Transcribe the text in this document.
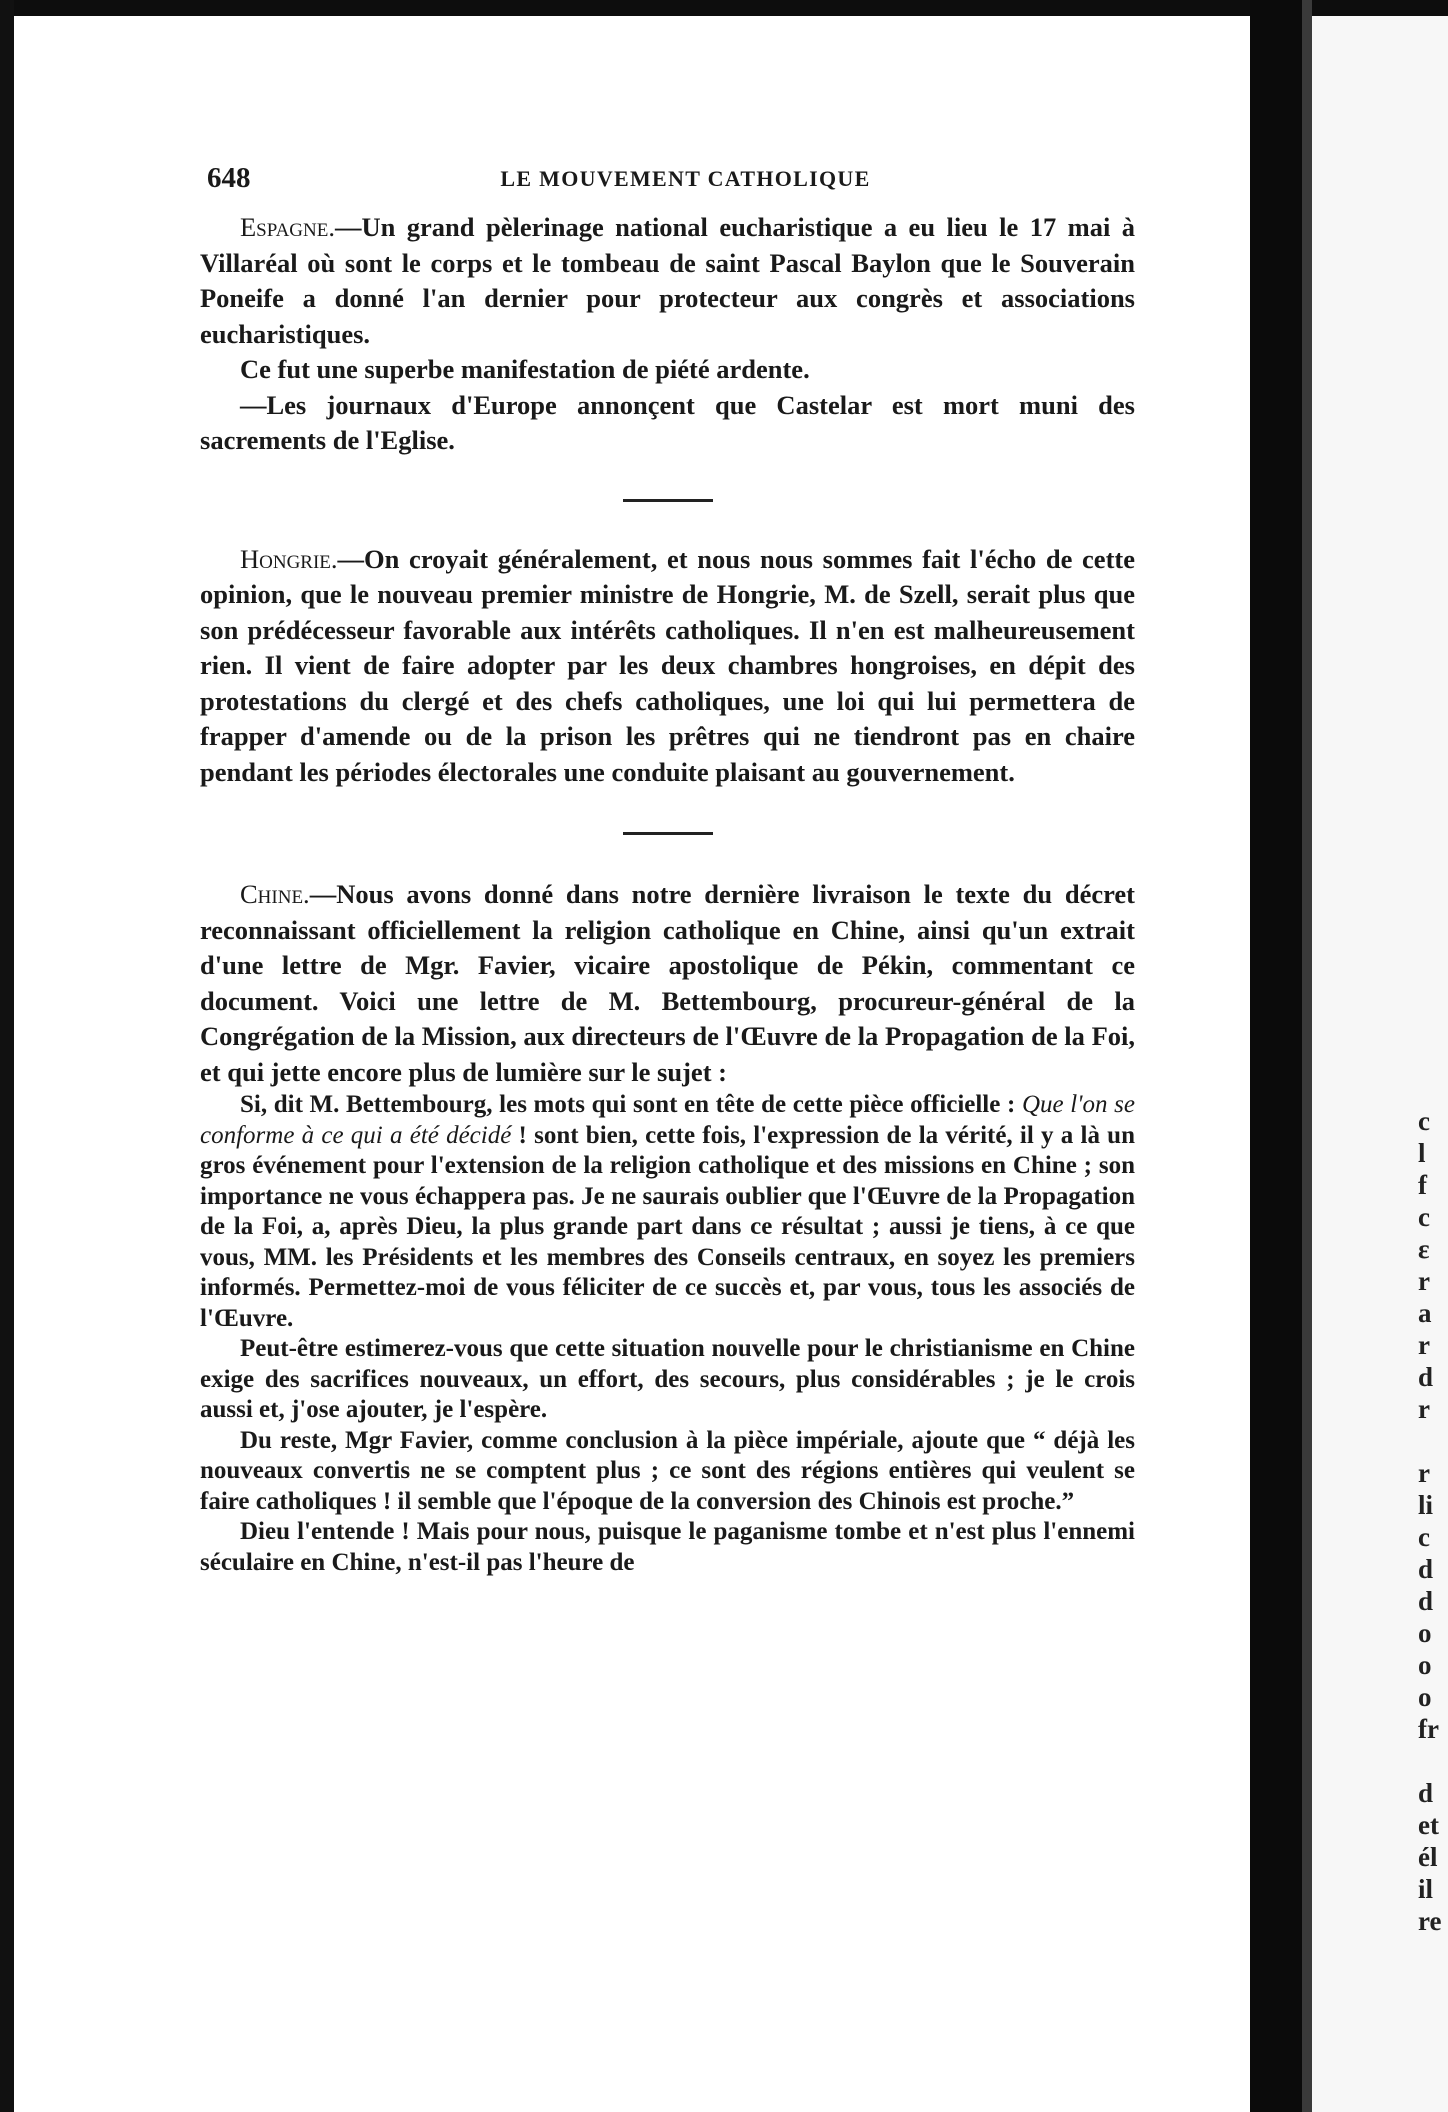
c
l
f
c
ε
r
a
r
d
r
r
li
c
d
d
o
o
o
fr
d
et
él
il
re
648	LE MOUVEMENT CATHOLIQUE

Espagne.—Un grand pèlerinage national eucharistique a eu lieu le 17 mai à Villaréal où sont le corps et le tombeau de saint Pascal Baylon que le Souverain Poneife a donné l'an dernier pour protecteur aux congrès et associations eucharistiques.

Ce fut une superbe manifestation de piété ardente.

—Les journaux d'Europe annonçent que Castelar est mort muni des sacrements de l'Eglise.

Hongrie.—On croyait généralement, et nous nous sommes fait l'écho de cette opinion, que le nouveau premier ministre de Hongrie, M. de Szell, serait plus que son prédécesseur favorable aux intérêts catholiques. Il n'en est malheureusement rien. Il vient de faire adopter par les deux chambres hongroises, en dépit des protestations du clergé et des chefs catholiques, une loi qui lui permettera de frapper d'amende ou de la prison les prêtres qui ne tiendront pas en chaire pendant les périodes électorales une conduite plaisant au gouvernement.

Chine.—Nous avons donné dans notre dernière livraison le texte du décret reconnaissant officiellement la religion catholique en Chine, ainsi qu'un extrait d'une lettre de Mgr. Favier, vicaire apostolique de Pékin, commentant ce document. Voici une lettre de M. Bettembourg, procureur-général de la Congrégation de la Mission, aux directeurs de l'Œuvre de la Propagation de la Foi, et qui jette encore plus de lumière sur le sujet :

Si, dit M. Bettembourg, les mots qui sont en tête de cette pièce officielle : Que l'on se conforme à ce qui a été décidé ! sont bien, cette fois, l'expression de la vérité, il y a là un gros événement pour l'extension de la religion catholique et des missions en Chine ; son importance ne vous échappera pas. Je ne saurais oublier que l'Œuvre de la Propagation de la Foi, a, après Dieu, la plus grande part dans ce résultat ; aussi je tiens, à ce que vous, MM. les Présidents et les membres des Conseils centraux, en soyez les premiers informés. Permettez-moi de vous féliciter de ce succès et, par vous, tous les associés de l'Œuvre.

Peut-être estimerez-vous que cette situation nouvelle pour le christianisme en Chine exige des sacrifices nouveaux, un effort, des secours, plus considérables ; je le crois aussi et, j'ose ajouter, je l'espère.

Du reste, Mgr Favier, comme conclusion à la pièce impériale, ajoute que “ déjà les nouveaux convertis ne se comptent plus ; ce sont des régions entières qui veulent se faire catholiques ! il semble que l'époque de la conversion des Chinois est proche.”

Dieu l'entende ! Mais pour nous, puisque le paganisme tombe et n'est plus l'ennemi séculaire en Chine, n'est-il pas l'heure de
